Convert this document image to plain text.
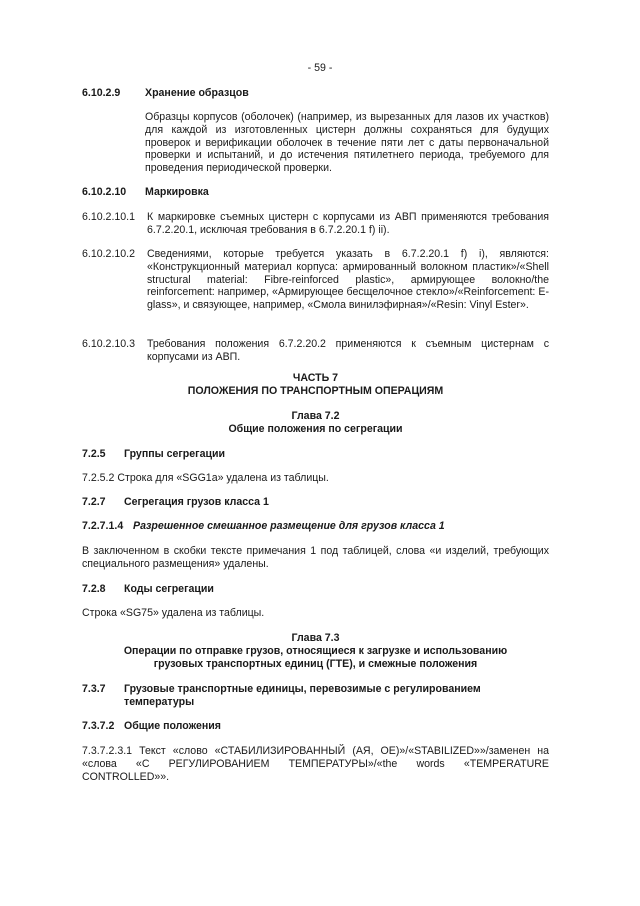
- 59 -
6.10.2.9 Хранение образцов
Образцы корпусов (оболочек) (например, из вырезанных для лазов их участков) для каждой из изготовленных цистерн должны сохраняться для будущих проверок и верификации оболочек в течение пяти лет с даты первоначальной проверки и испытаний, и до истечения пятилетнего периода, требуемого для проведения периодической проверки.
6.10.2.10 Маркировка
6.10.2.10.1 К маркировке съемных цистерн с корпусами из АВП применяются требования 6.7.2.20.1, исключая требования в 6.7.2.20.1 f) ii).
6.10.2.10.2 Сведениями, которые требуется указать в 6.7.2.20.1 f) i), являются: «Конструкционный материал корпуса: армированный волокном пластик»/«Shell structural material: Fibre-reinforced plastic», армирующее волокно/the reinforcement: например, «Армирующее бесщелочное стекло»/«Reinforcement: E-glass», и связующее, например, «Смола винилэфирная»/«Resin: Vinyl Ester».
6.10.2.10.3 Требования положения 6.7.2.20.2 применяются к съемным цистернам с корпусами из АВП.
ЧАСТЬ 7
ПОЛОЖЕНИЯ ПО ТРАНСПОРТНЫМ ОПЕРАЦИЯМ
Глава 7.2
Общие положения по сегрегации
7.2.5 Группы сегрегации
7.2.5.2 Строка для «SGG1a» удалена из таблицы.
7.2.7 Сегрегация грузов класса 1
7.2.7.1.4 Разрешенное смешанное размещение для грузов класса 1
В заключенном в скобки тексте примечания 1 под таблицей, слова «и изделий, требующих специального размещения» удалены.
7.2.8 Коды сегрегации
Строка «SG75» удалена из таблицы.
Глава 7.3
Операции по отправке грузов, относящиеся к загрузке и использованию
грузовых транспортных единиц (ГТЕ), и смежные положения
7.3.7 Грузовые транспортные единицы, перевозимые с регулированием
температуры
7.3.7.2 Общие положения
7.3.7.2.3.1 Текст «слово «СТАБИЛИЗИРОВАННЫЙ (АЯ, ОЕ)»/«STABILIZED»»/заменен на «слова «С РЕГУЛИРОВАНИЕМ ТЕМПЕРАТУРЫ»/«the words «TEMPERATURE CONTROLLED»».
